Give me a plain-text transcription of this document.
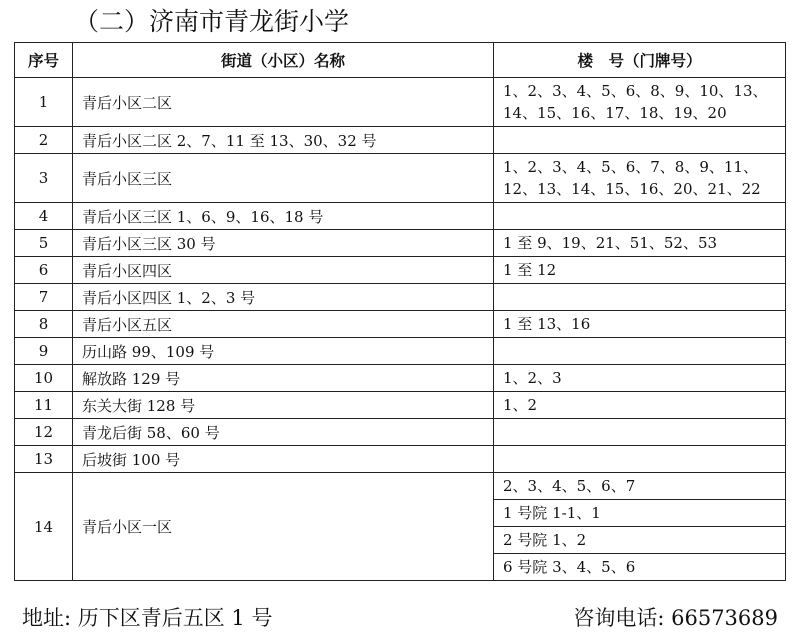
（二）济南市青龙街小学
序号	街道（小区）名称	楼　号（门牌号）
1	青后小区二区	1、2、3、4、5、6、8、9、10、13、
14、15、16、17、18、19、20

2	青后小区二区 2、7、11 至 13、30、32 号	
3	青后小区三区	1、2、3、4、5、6、7、8、9、11、
12、13、14、15、16、20、21、22

4	青后小区三区 1、6、9、16、18 号	
5	青后小区三区 30 号	1 至 9、19、21、51、52、53
6	青后小区四区	1 至 12
7	青后小区四区 1、2、3 号	
8	青后小区五区	1 至 13、16
9	历山路 99、109 号	
10	解放路 129 号	1、2、3
11	东关大街 128 号	1、2
12	青龙后街 58、60 号	
13	后坡街 100 号	
14	青后小区一区	2、3、4、5、6、7
		1 号院 1-1、1
		2 号院 1、2
		6 号院 3、4、5、6
地址: 历下区青后五区 1 号	咨询电话: 66573689
